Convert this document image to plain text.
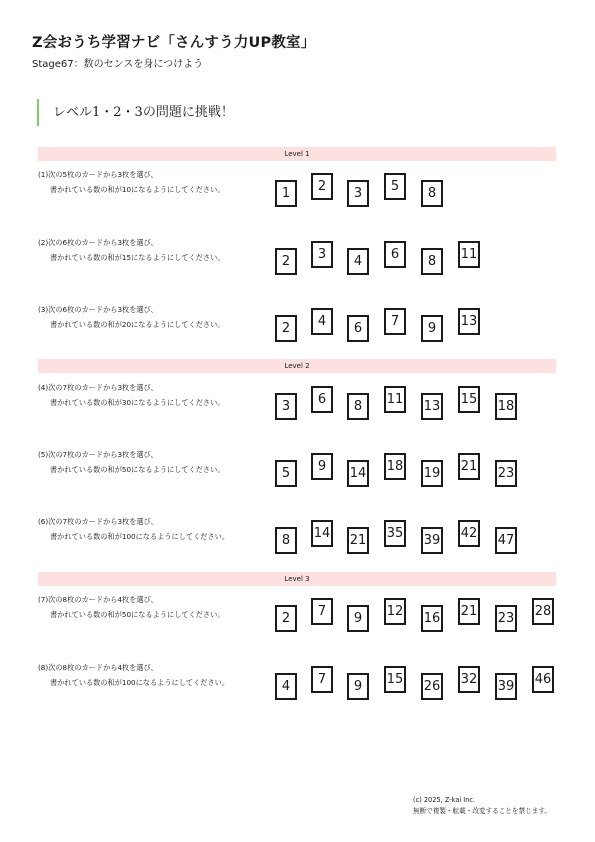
Z会おうち学習ナビ「さんすう力UP教室」
Stage67：数のセンスを身につけよう
レベル1・2・3の問題に挑戦！
Level 1
Level 2
Level 3
(1)次の5枚のカードから3枚を選び、
書かれている数の和が10になるようにしてください。	1	2	3	5	8
(2)次の6枚のカードから3枚を選び、
書かれている数の和が15になるようにしてください。	2	3	4	6	8	11
(3)次の6枚のカードから3枚を選び、
書かれている数の和が20になるようにしてください。	2	4	6	7	9	13
(4)次の7枚のカードから3枚を選び、
書かれている数の和が30になるようにしてください。	3	6	8	11 13 15 18
(5)次の7枚のカードから3枚を選び、
書かれている数の和が50になるようにしてください。	5	9	14 18 19 21 23
(6)次の7枚のカードから3枚を選び、
書かれている数の和が100になるようにしてください。	8	14 21 35 39 42 47
(7)次の8枚のカードから4枚を選び、
書かれている数の和が50になるようにしてください。	2	7	9	12 16 21 23 28
(8)次の8枚のカードから4枚を選び、
書かれている数の和が100になるようにしてください。	4	7	9	15 26 32 39 46
(c) 2025, Z-kai Inc.
無断で複製・転載・改変することを禁じます。
